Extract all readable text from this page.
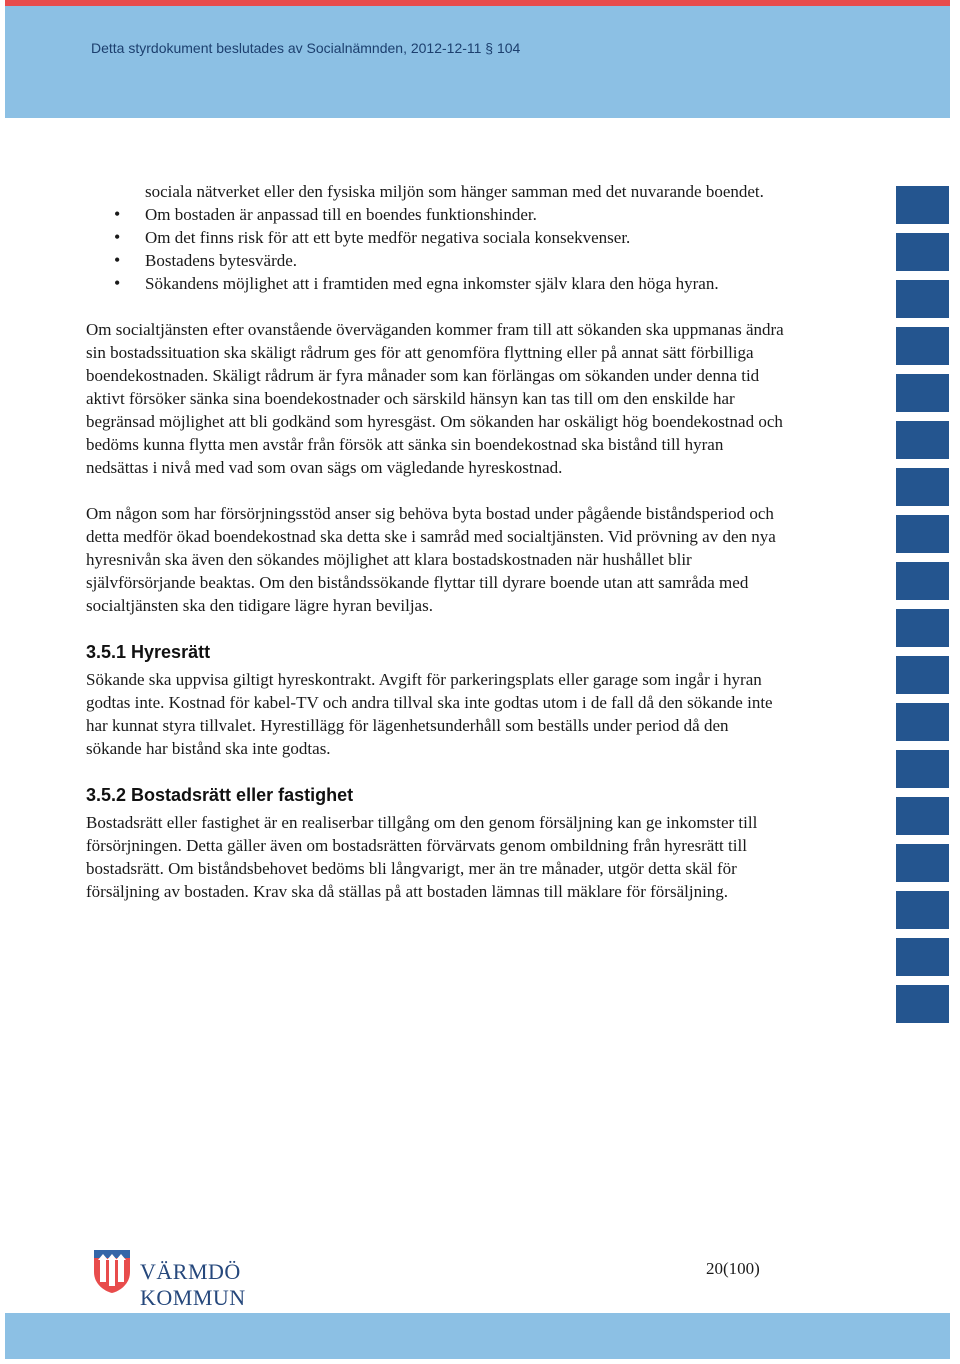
Detta styrdokument beslutades av Socialnämnden, 2012-12-11 § 104
sociala nätverket eller den fysiska miljön som hänger samman med det nuvarande boendet.
• Om bostaden är anpassad till en boendes funktionshinder.
• Om det finns risk för att ett byte medför negativa sociala konsekvenser.
• Bostadens bytesvärde.
• Sökandens möjlighet att i framtiden med egna inkomster själv klara den höga hyran.

Om socialtjänsten efter ovanstående överväganden kommer fram till att sökanden ska uppmanas ändra sin bostadssituation ska skäligt rådrum ges för att genomföra flyttning eller på annat sätt förbilliga boendekostnaden. Skäligt rådrum är fyra månader som kan förlängas om sökanden under denna tid aktivt försöker sänka sina boendekostnader och särskild hänsyn kan tas till om den enskilde har begränsad möjlighet att bli godkänd som hyresgäst. Om sökanden har oskäligt hög boendekostnad och bedöms kunna flytta men avstår från försök att sänka sin boendekostnad ska bistånd till hyran nedsättas i nivå med vad som ovan sägs om vägledande hyreskostnad.

Om någon som har försörjningsstöd anser sig behöva byta bostad under pågående biståndsperiod och detta medför ökad boendekostnad ska detta ske i samråd med socialtjänsten. Vid prövning av den nya hyresnivån ska även den sökandes möjlighet att klara bostadskostnaden när hushållet blir självförsörjande beaktas. Om den biståndssökande flyttar till dyrare boende utan att samråda med socialtjänsten ska den tidigare lägre hyran beviljas.

3.5.1 Hyresrätt

Sökande ska uppvisa giltigt hyreskontrakt. Avgift för parkeringsplats eller garage som ingår i hyran godtas inte. Kostnad för kabel-TV och andra tillval ska inte godtas utom i de fall då den sökande inte har kunnat styra tillvalet. Hyrestillägg för lägenhetsunderhåll som beställs under period då den sökande har bistånd ska inte godtas.

3.5.2 Bostadsrätt eller fastighet

Bostadsrätt eller fastighet är en realiserbar tillgång om den genom försäljning kan ge inkomster till försörjningen. Detta gäller även om bostadsrätten förvärvats genom ombildning från hyresrätt till bostadsrätt. Om biståndsbehovet bedöms bli långvarigt, mer än tre månader, utgör detta skäl för försäljning av bostaden. Krav ska då ställas på att bostaden lämnas till mäklare för försäljning.

VÄRMDÖ KOMMUN
20(100)
